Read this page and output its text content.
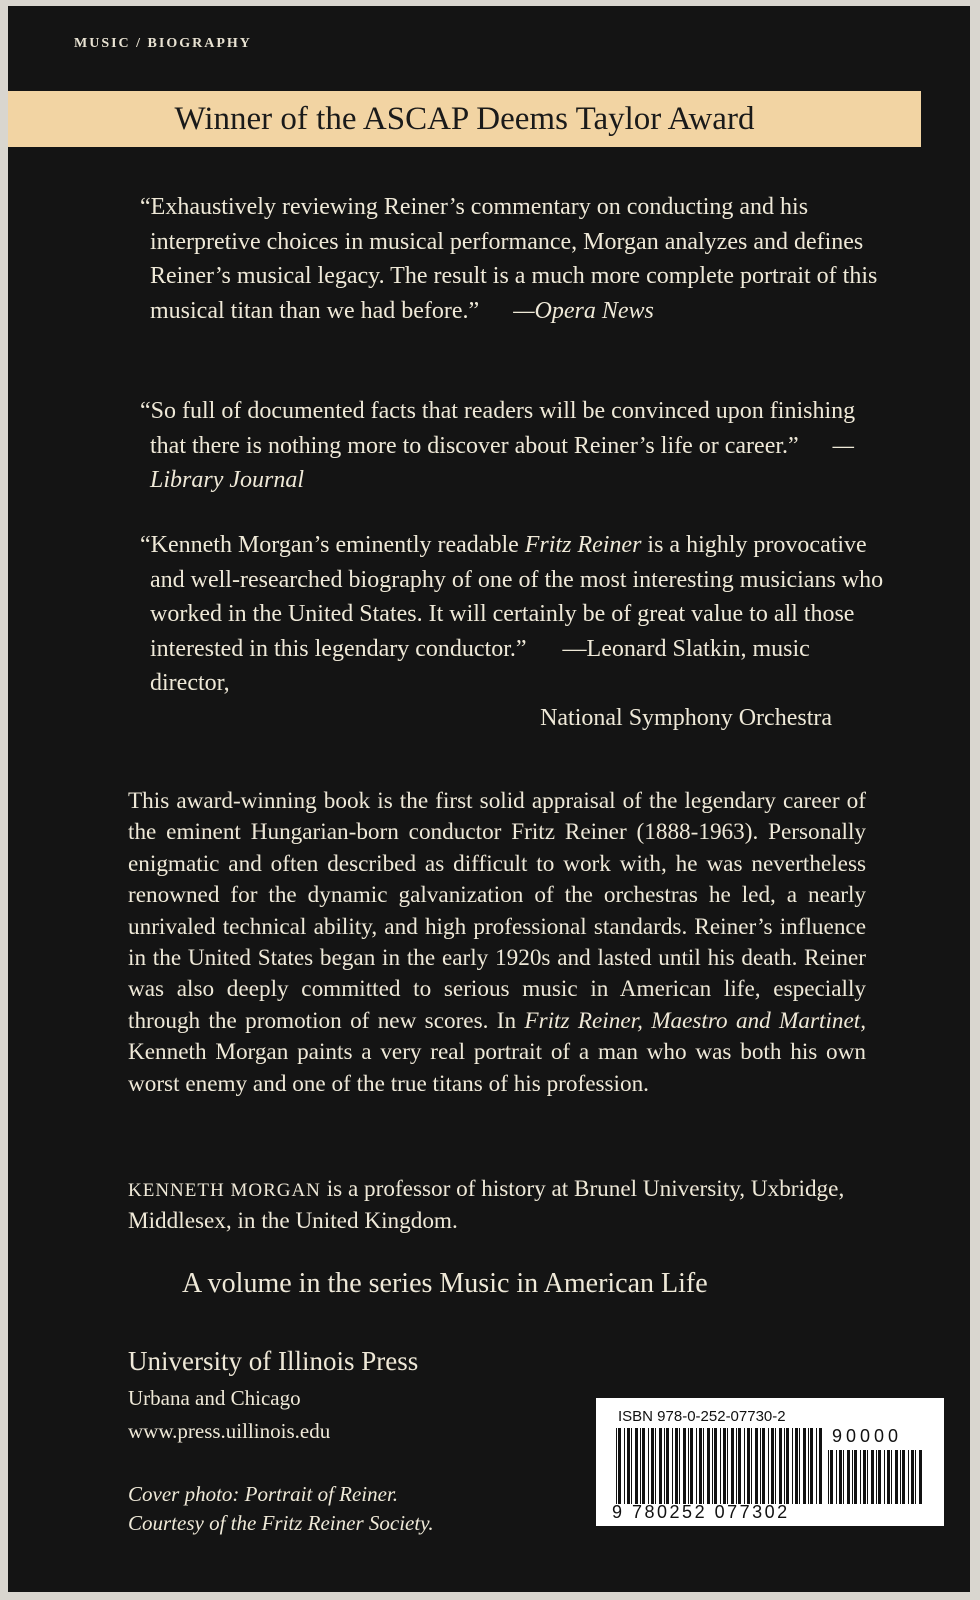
MUSIC / BIOGRAPHY
Winner of the ASCAP Deems Taylor Award
“Exhaustively reviewing Reiner’s commentary on conducting and his interpretive choices in musical performance, Morgan analyzes and defines Reiner’s musical legacy. The result is a much more complete portrait of this musical titan than we had before.” —Opera News
“So full of documented facts that readers will be convinced upon finishing that there is nothing more to discover about Reiner’s life or career.” —Library Journal
“Kenneth Morgan’s eminently readable Fritz Reiner is a highly provocative and well-researched biography of one of the most interesting musicians who worked in the United States. It will certainly be of great value to all those interested in this legendary conductor.” —Leonard Slatkin, music director,
National Symphony Orchestra
This award-winning book is the first solid appraisal of the legendary career of the eminent Hungarian-born conductor Fritz Reiner (1888-1963). Personally enigmatic and often described as difficult to work with, he was nevertheless renowned for the dynamic galvanization of the orchestras he led, a nearly unrivaled technical ability, and high professional standards. Reiner’s influence in the United States began in the early 1920s and lasted until his death. Reiner was also deeply committed to serious music in American life, especially through the promotion of new scores. In Fritz Reiner, Maestro and Martinet, Kenneth Morgan paints a very real portrait of a man who was both his own worst enemy and one of the true titans of his profession.
KENNETH MORGAN is a professor of history at Brunel University, Uxbridge, Middlesex, in the United Kingdom.
A volume in the series Music in American Life
University of Illinois Press
Urbana and Chicago
www.press.uillinois.edu
Cover photo: Portrait of Reiner.
Courtesy of the Fritz Reiner Society.
ISBN 978-0-252-07730-2
90000
9 780252 077302
